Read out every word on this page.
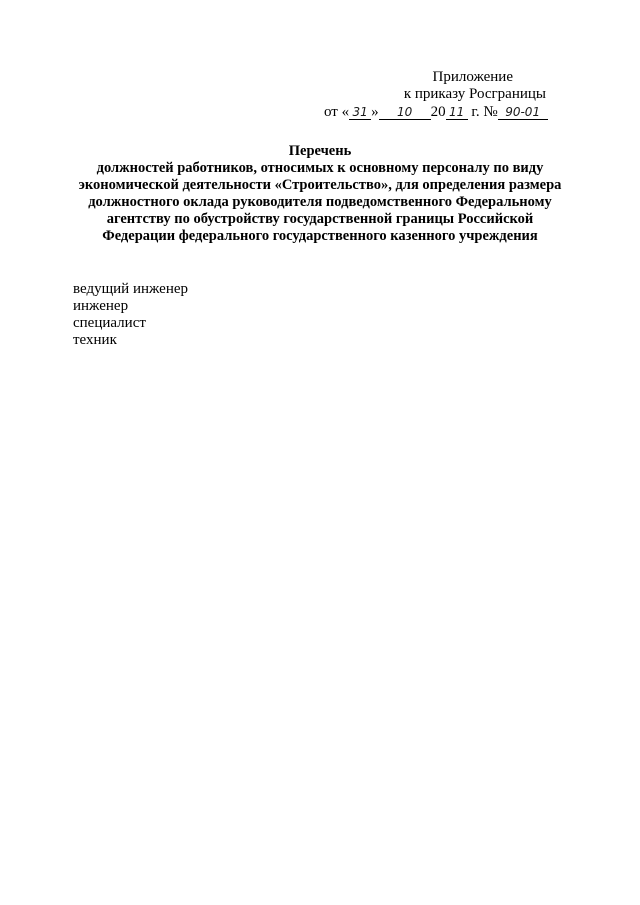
Приложение
к приказу Росграницы
от « 31 » 10 20 11 г. № 90-01
Перечень
должностей работников, относимых к основному персоналу по виду
экономической деятельности «Строительство», для определения размера
должностного оклада руководителя подведомственного Федеральному
агентству по обустройству государственной границы Российской
Федерации федерального государственного казенного учреждения
ведущий инженер
инженер
специалист
техник
